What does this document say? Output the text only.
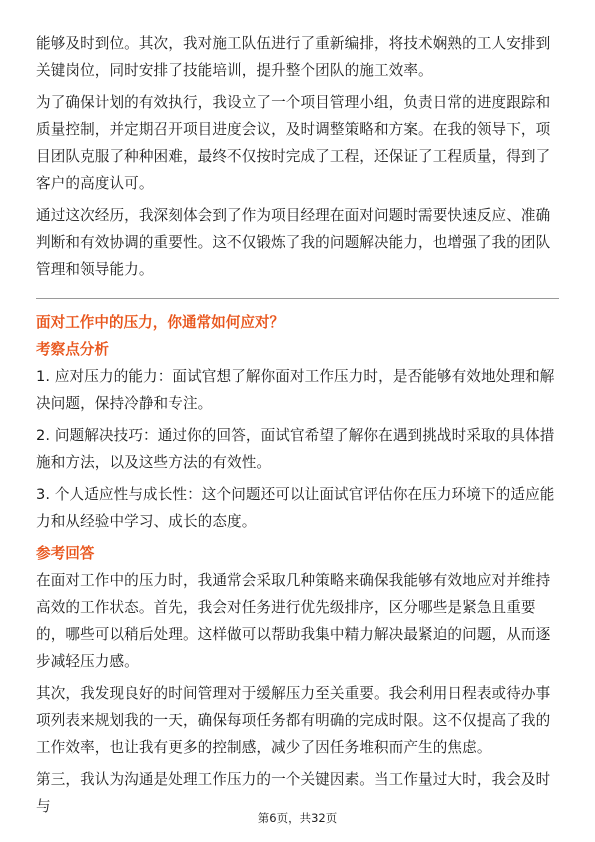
能够及时到位。其次，我对施工队伍进行了重新编排，将技术娴熟的工人安排到关键岗位，同时安排了技能培训，提升整个团队的施工效率。

为了确保计划的有效执行，我设立了一个项目管理小组，负责日常的进度跟踪和质量控制，并定期召开项目进度会议，及时调整策略和方案。在我的领导下，项目团队克服了种种困难，最终不仅按时完成了工程，还保证了工程质量，得到了客户的高度认可。

通过这次经历，我深刻体会到了作为项目经理在面对问题时需要快速反应、准确判断和有效协调的重要性。这不仅锻炼了我的问题解决能力，也增强了我的团队管理和领导能力。

面对工作中的压力，你通常如何应对？
考察点分析

1. 应对压力的能力：面试官想了解你面对工作压力时，是否能够有效地处理和解决问题，保持冷静和专注。

2. 问题解决技巧：通过你的回答，面试官希望了解你在遇到挑战时采取的具体措施和方法，以及这些方法的有效性。

3. 个人适应性与成长性：这个问题还可以让面试官评估你在压力环境下的适应能力和从经验中学习、成长的态度。

参考回答

在面对工作中的压力时，我通常会采取几种策略来确保我能够有效地应对并维持高效的工作状态。首先，我会对任务进行优先级排序，区分哪些是紧急且重要的，哪些可以稍后处理。这样做可以帮助我集中精力解决最紧迫的问题，从而逐步减轻压力感。

其次，我发现良好的时间管理对于缓解压力至关重要。我会利用日程表或待办事项列表来规划我的一天，确保每项任务都有明确的完成时限。这不仅提高了我的工作效率，也让我有更多的控制感，减少了因任务堆积而产生的焦虑。

第三，我认为沟通是处理工作压力的一个关键因素。当工作量过大时，我会及时与

第6页，共32页
